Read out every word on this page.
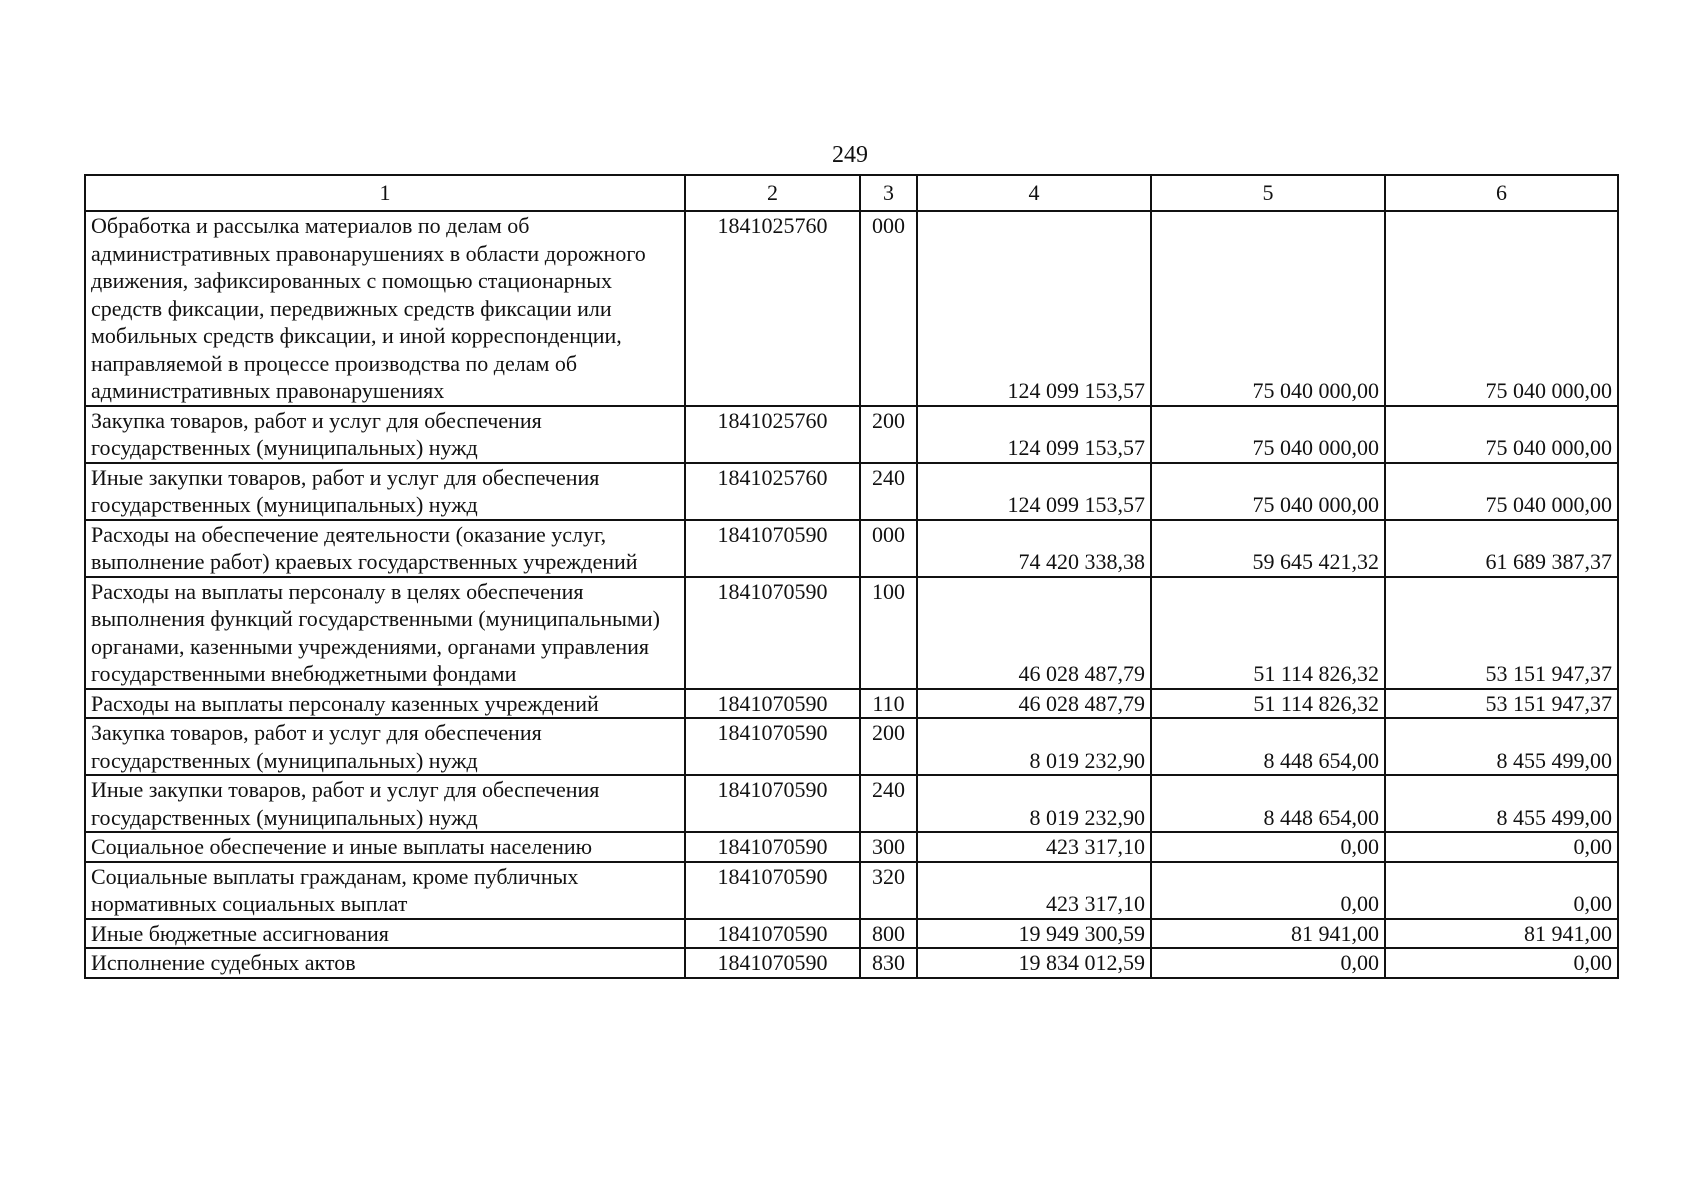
249
1	2	3	4	5	6
Обработка и рассылка материалов по делам об административных правонарушениях в области дорожного движения, зафиксированных с помощью стационарных средств фиксации, передвижных средств фиксации или мобильных средств фиксации, и иной корреспонденции, направляемой в процессе производства по делам об административных правонарушениях	1841025760	000	124 099 153,57	75 040 000,00	75 040 000,00
Закупка товаров, работ и услуг для обеспечения государственных (муниципальных) нужд	1841025760	200	124 099 153,57	75 040 000,00	75 040 000,00
Иные закупки товаров, работ и услуг для обеспечения государственных (муниципальных) нужд	1841025760	240	124 099 153,57	75 040 000,00	75 040 000,00
Расходы на обеспечение деятельности (оказание услуг, выполнение работ) краевых государственных учреждений	1841070590	000	74 420 338,38	59 645 421,32	61 689 387,37
Расходы на выплаты персоналу в целях обеспечения выполнения функций государственными (муниципальными) органами, казенными учреждениями, органами управления государственными внебюджетными фондами	1841070590	100	46 028 487,79	51 114 826,32	53 151 947,37
Расходы на выплаты персоналу казенных учреждений	1841070590	110	46 028 487,79	51 114 826,32	53 151 947,37
Закупка товаров, работ и услуг для обеспечения государственных (муниципальных) нужд	1841070590	200	8 019 232,90	8 448 654,00	8 455 499,00
Иные закупки товаров, работ и услуг для обеспечения государственных (муниципальных) нужд	1841070590	240	8 019 232,90	8 448 654,00	8 455 499,00
Социальное обеспечение и иные выплаты населению	1841070590	300	423 317,10	0,00	0,00
Социальные выплаты гражданам, кроме публичных нормативных социальных выплат	1841070590	320	423 317,10	0,00	0,00
Иные бюджетные ассигнования	1841070590	800	19 949 300,59	81 941,00	81 941,00
Исполнение судебных актов	1841070590	830	19 834 012,59	0,00	0,00
